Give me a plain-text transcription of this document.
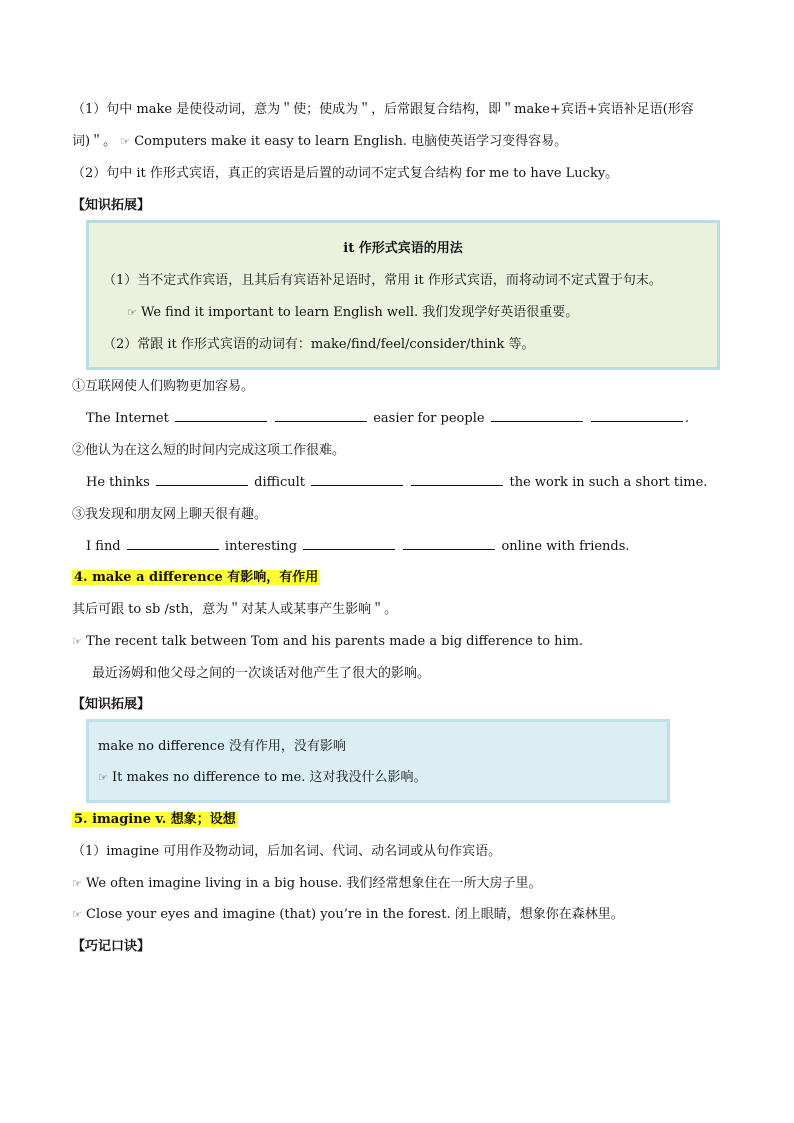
（1）句中 make 是使役动词，意为＂使；使成为＂，后常跟复合结构，即＂make+宾语+宾语补足语(形容
词)＂。 ☞ Computers make it easy to learn English. 电脑使英语学习变得容易。
（2）句中 it 作形式宾语，真正的宾语是后置的动词不定式复合结构 for me to have Lucky。
【知识拓展】
it 作形式宾语的用法
（1）当不定式作宾语，且其后有宾语补足语时，常用 it 作形式宾语，而将动词不定式置于句末。
☞ We find it important to learn English well. 我们发现学好英语很重要。
（2）常跟 it 作形式宾语的动词有：make/find/feel/consider/think 等。
①互联网使人们购物更加容易。
The Internet	easier for people	.
②他认为在这么短的时间内完成这项工作很难。
He thinks	difficult	the work in such a short time.
③我发现和朋友网上聊天很有趣。
I find	interesting	online with friends.
4. make a difference 有影响，有作用
其后可跟 to sb /sth，意为＂对某人或某事产生影响＂。
☞ The recent talk between Tom and his parents made a big difference to him.
最近汤姆和他父母之间的一次谈话对他产生了很大的影响。
【知识拓展】
make no difference 没有作用，没有影响
☞ It makes no difference to me. 这对我没什么影响。
5. imagine v. 想象；设想
（1）imagine 可用作及物动词，后加名词、代词、动名词或从句作宾语。
☞ We often imagine living in a big house. 我们经常想象住在一所大房子里。
☞ Close your eyes and imagine (that) you’re in the forest. 闭上眼睛，想象你在森林里。
【巧记口诀】
